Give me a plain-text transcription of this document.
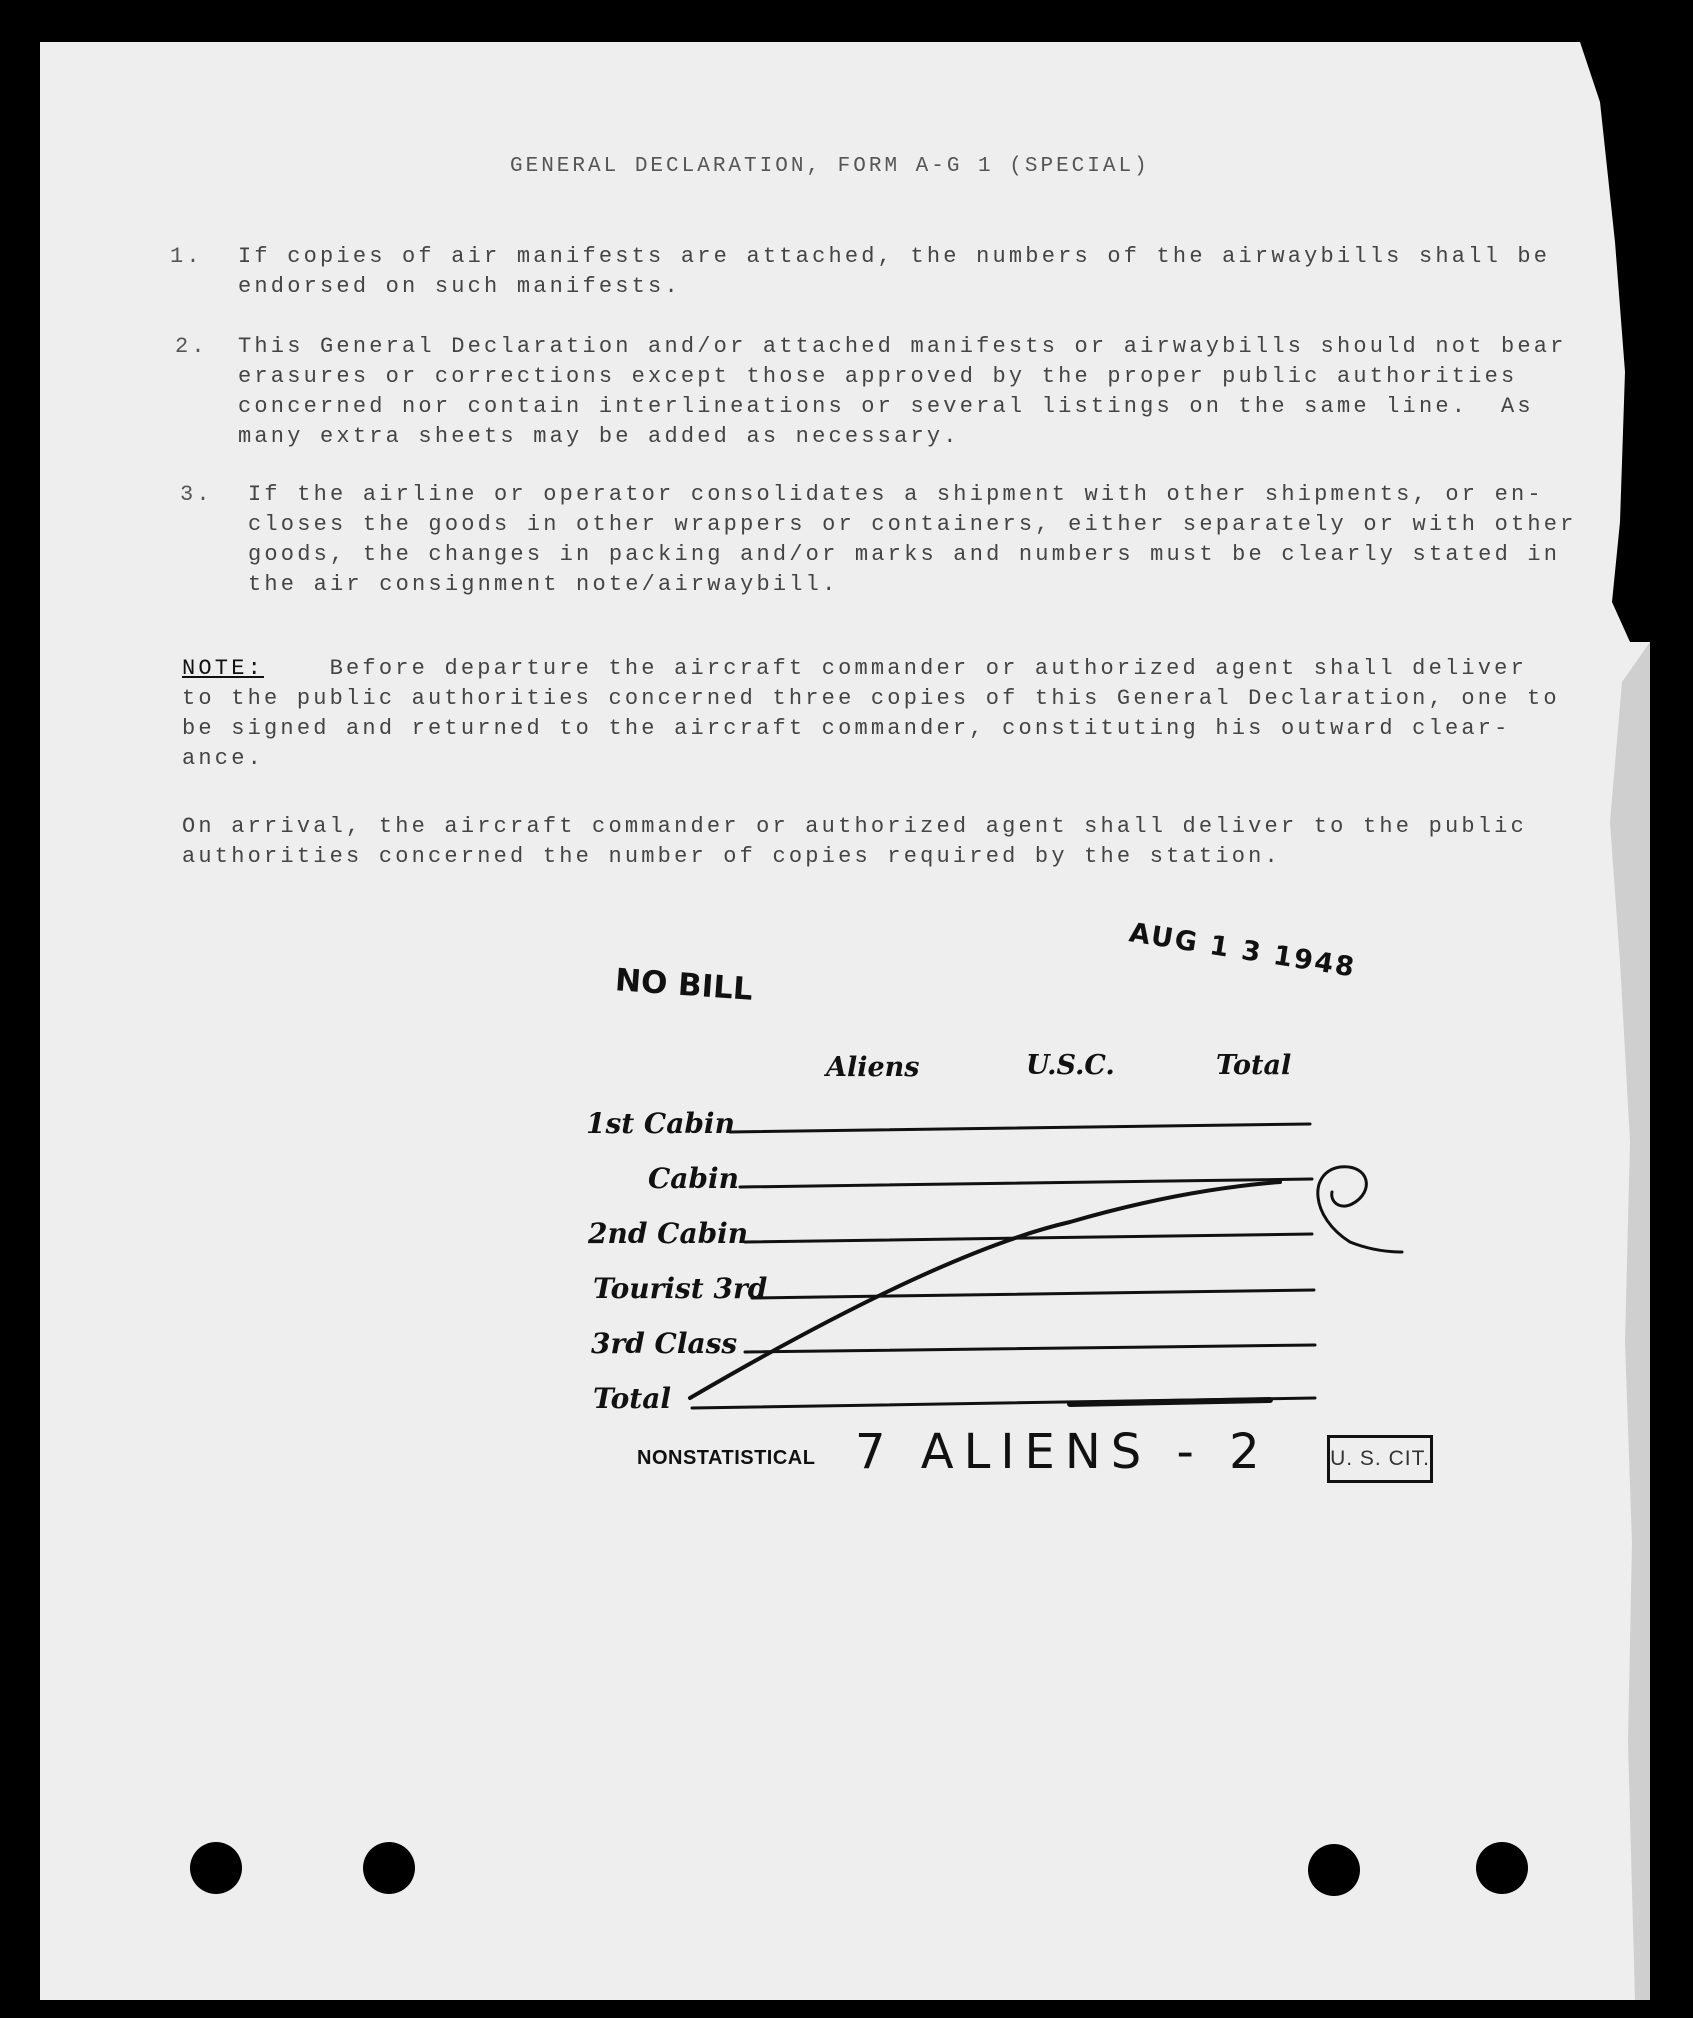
GENERAL DECLARATION, FORM A-G 1 (SPECIAL)
1. If copies of air manifests are attached, the numbers of the airwaybills shall be
endorsed on such manifests.
2. This General Declaration and/or attached manifests or airwaybills should not bear
erasures or corrections except those approved by the proper public authorities
concerned nor contain interlineations or several listings on the same line.  As
many extra sheets may be added as necessary.
3. If the airline or operator consolidates a shipment with other shipments, or en-
closes the goods in other wrappers or containers, either separately or with other
goods, the changes in packing and/or marks and numbers must be clearly stated in
the air consignment note/airwaybill.
NOTE:    Before departure the aircraft commander or authorized agent shall deliver
to the public authorities concerned three copies of this General Declaration, one to
be signed and returned to the aircraft commander, constituting his outward clear-
ance.
On arrival, the aircraft commander or authorized agent shall deliver to the public
authorities concerned the number of copies required by the station.
NO BILL
AUG 1 3 1948
Aliens	U.S.C.	Total
1st Cabin
Cabin
2nd Cabin
Tourist 3rd
3rd Class
Total
NONSTATISTICAL 7 ALIENS - 2	U. S. CIT.
